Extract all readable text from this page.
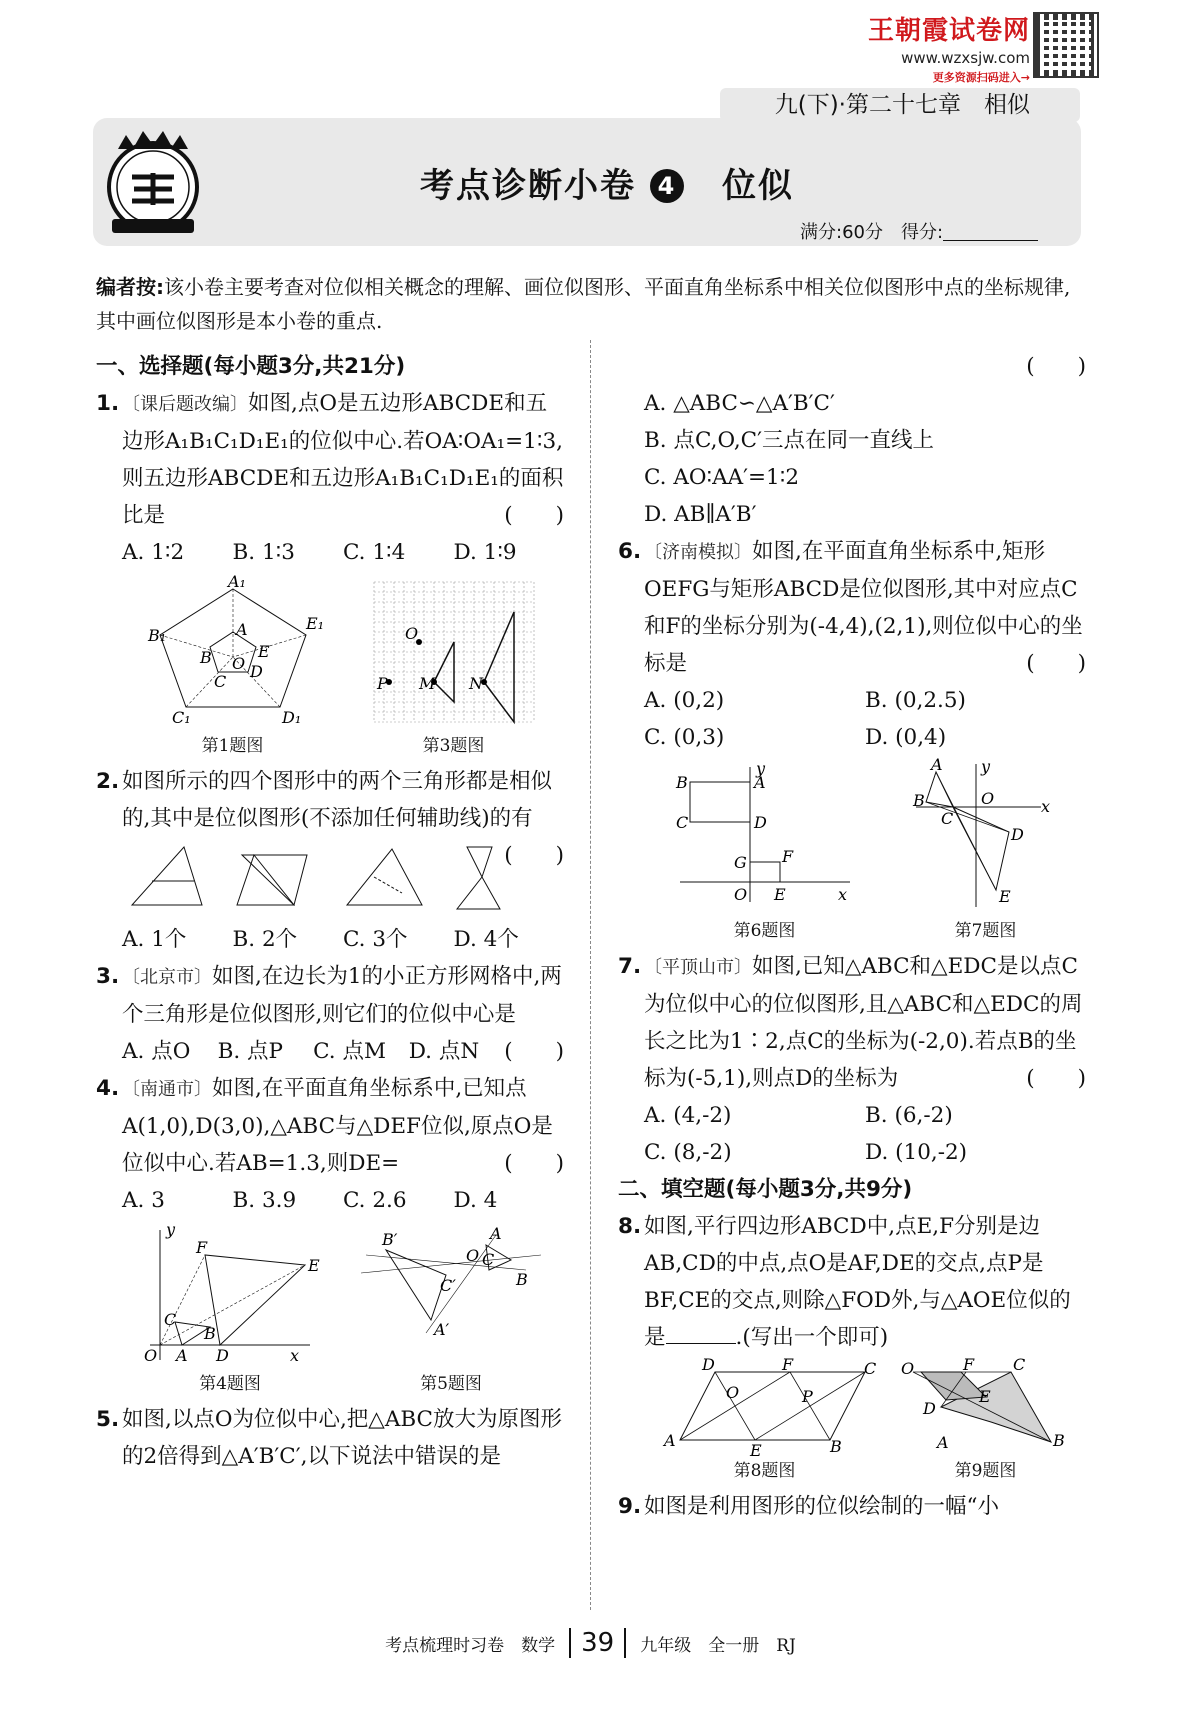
王朝霞试卷网
www.wzxsjw.com
更多资源扫码进入→
九(下)·第二十七章　相似
考点诊断小卷 4 位似
满分:60分　得分:
编者按:该小卷主要考查对位似相关概念的理解、画位似图形、平面直角坐标系中相关位似图形中点的坐标规律,其中画位似图形是本小卷的重点.
一、选择题(每小题3分,共21分)
1. 〔课后题改编〕如图,点O是五边形ABCDE和五边形A₁B₁C₁D₁E₁的位似中心.若OA∶OA₁=1∶3,则五边形ABCDE和五边形A₁B₁C₁D₁E₁的面积比是	(　　)
A. 1∶2	B. 1∶3	C. 1∶4	D. 1∶9
A₁
E₁
D₁
C₁
B₁	A
E
B O
C
D
第1题图
P
O
M N
第3题图
2. 如图所示的四个图形中的两个三角形都是相似的,其中是位似图形(不添加任何辅助线)的有
(　　)
A. 1个	B. 2个	C. 3个	D. 4个
3. 〔北京市〕如图,在边长为1的小正方形网格中,两个三角形是位似图形,则它们的位似中心是
(　　)
A. 点O	B. 点P	C. 点M	D. 点N
4. 〔南通市〕如图,在平面直角坐标系中,已知点A(1,0),D(3,0),△ABC与△DEF位似,原点O是位似中心.若AB=1.3,则DE=	(　　)
A. 3	B. 3.9	C. 2.6	D. 4
y
x
O A D
C
B
F
E
第4题图
B′
A′
C′
O
A
C
B
第5题图
5. 如图,以点O为位似中心,把△ABC放大为原图形的2倍得到△A′B′C′,以下说法中错误的是
(　　)

A. △ABC∽△A′B′C′
B. 点C,O,C′三点在同一直线上
C. AO∶AA′=1∶2
D. AB∥A′B′
6. 〔济南模拟〕如图,在平面直角坐标系中,矩形OEFG与矩形ABCD是位似图形,其中对应点C和F的坐标分别为(-4,4),(2,1),则位似中心的坐标是	(　　)
A. (0,2)	B. (0,2.5)
C. (0,3)	D. (0,4)
y
x
B	A
C	D
G F
O E
第6题图
A
B
C
y
O	x
D
E
第7题图
7. 〔平顶山市〕如图,已知△ABC和△EDC是以点C为位似中心的位似图形,且△ABC和△EDC的周长之比为1∶2,点C的坐标为(-2,0).若点B的坐标为(-5,1),则点D的坐标为	(　　)
A. (4,-2)	B. (6,-2)
C. (8,-2)	D. (10,-2)
二、填空题(每小题3分,共9分)
8. 如图,平行四边形ABCD中,点E,F分别是边AB,CD的中点,点O是AF,DE的交点,点P是BF,CE的交点,则除△FOD外,与△AOE位似的是	.(写出一个即可)
D	F	C
A
E	B
O	P
第8题图
O	F C
E
D
A	B
第9题图
9. 如图是利用图形的位似绘制的一幅“小
考点梳理时习卷　数学 39 九年级　全一册　RJ
